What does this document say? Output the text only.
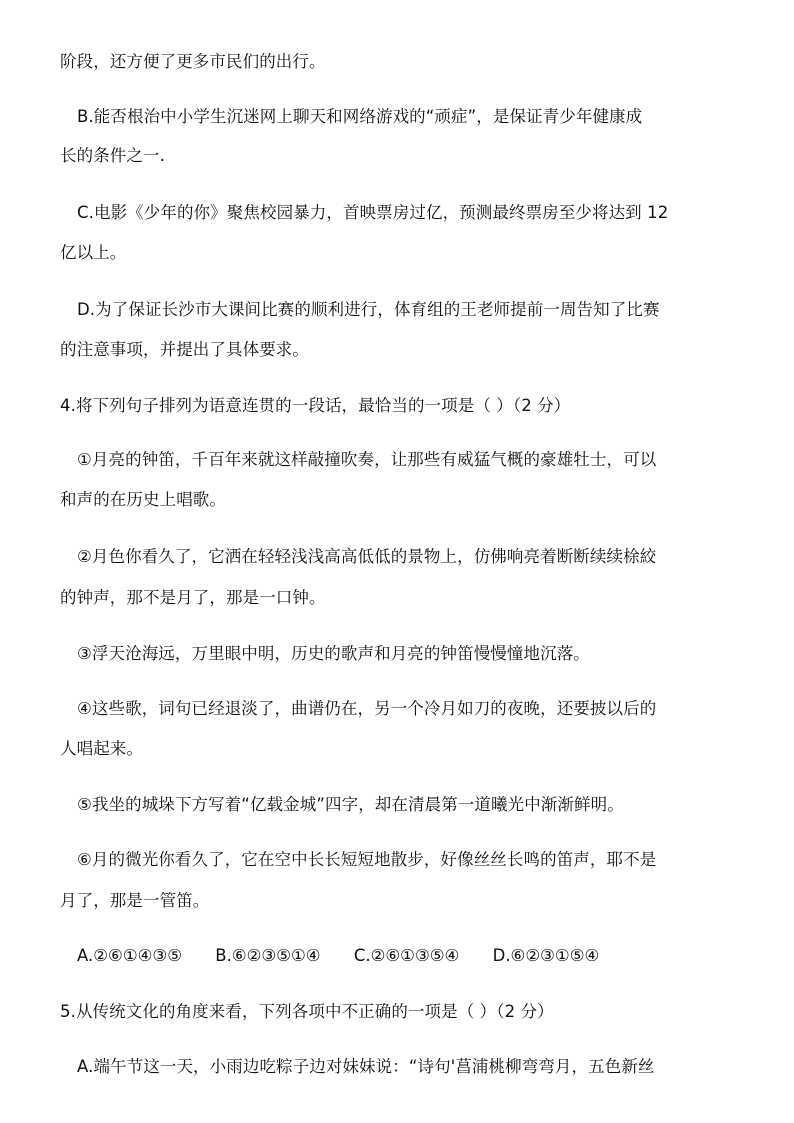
阶段，还方便了更多市民们的出行。
B.能否根治中小学生沉迷网上聊天和网络游戏的“顽症”，是保证青少年健康成
长的条件之一.
C.电影《少年的你》聚焦校园暴力，首映票房过亿，预测最终票房至少将达到 12
亿以上。
D.为了保证长沙市大课间比赛的顺利进行，体育组的王老师提前一周告知了比赛
的注意事项，并提出了具体要求。
4.将下列句子排列为语意连贯的一段话，最恰当的一项是（ ）（2 分）
①月亮的钟笛，千百年来就这样敲撞吹奏，让那些有威猛气概的豪雄牡士，可以
和声的在历史上唱歌。
②月色你看久了，它洒在轻轻浅浅高高低低的景物上，仿佛响亮着断断续续梌絞
的钟声，那不是月了，那是一口钟。
③浮天沧海远，万里眼中明，历史的歌声和月亮的钟笛慢慢憧地沉落。
④这些歌，词句已经退淡了，曲谱仍在，另一个冷月如刀的夜晚，还要披以后的
人唱起来。
⑤我坐的城垛下方写着“亿载金城”四字，却在清晨第一道曦光中渐渐鲜明。
⑥月的微光你看久了，它在空中长长短短地散步，好像丝丝长鸣的笛声，耶不是
月了，那是一管笛。
A.②⑥①④③⑤ B.⑥②③⑤①④ C.②⑥①③⑤④ D.⑥②③①⑤④
5.从传统文化的角度来看，下列各项中不正确的一项是（ ）（2 分）
A.端午节这一天，小雨边吃粽子边对妹妹说：“诗句'菖浦桃柳弯弯月，五色新丝
